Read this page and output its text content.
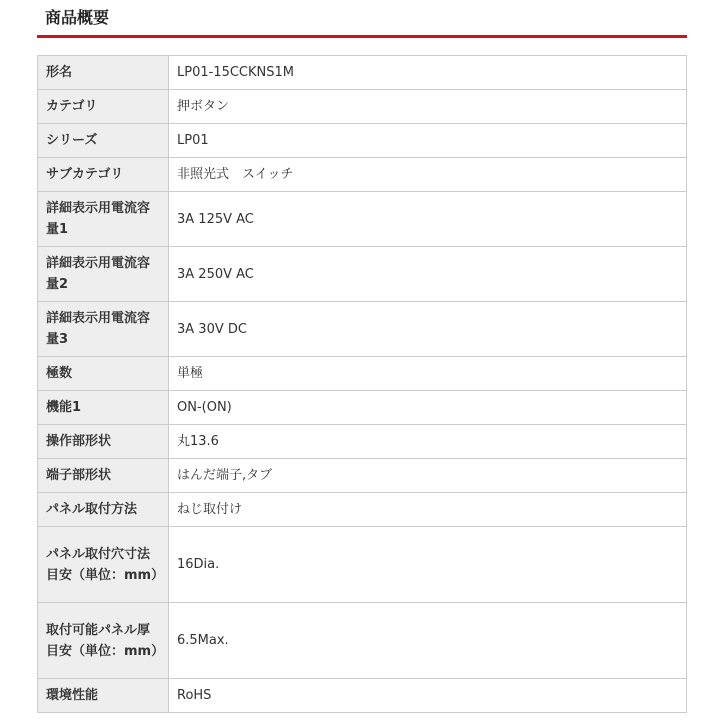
商品概要
形名	LP01-15CCKNS1M
カテゴリ	押ボタン
シリーズ	LP01
サブカテゴリ	非照光式　スイッチ
詳細表示用電流容量1	3A 125V AC
詳細表示用電流容量2	3A 250V AC
詳細表示用電流容量3	3A 30V DC
極数	単極
機能1	ON-(ON)
操作部形状	丸13.6
端子部形状	はんだ端子,タブ
パネル取付方法	ねじ取付け
パネル取付穴寸法目安（単位：mm）	16Dia.
取付可能パネル厚目安（単位：mm）	6.5Max.
環境性能	RoHS
